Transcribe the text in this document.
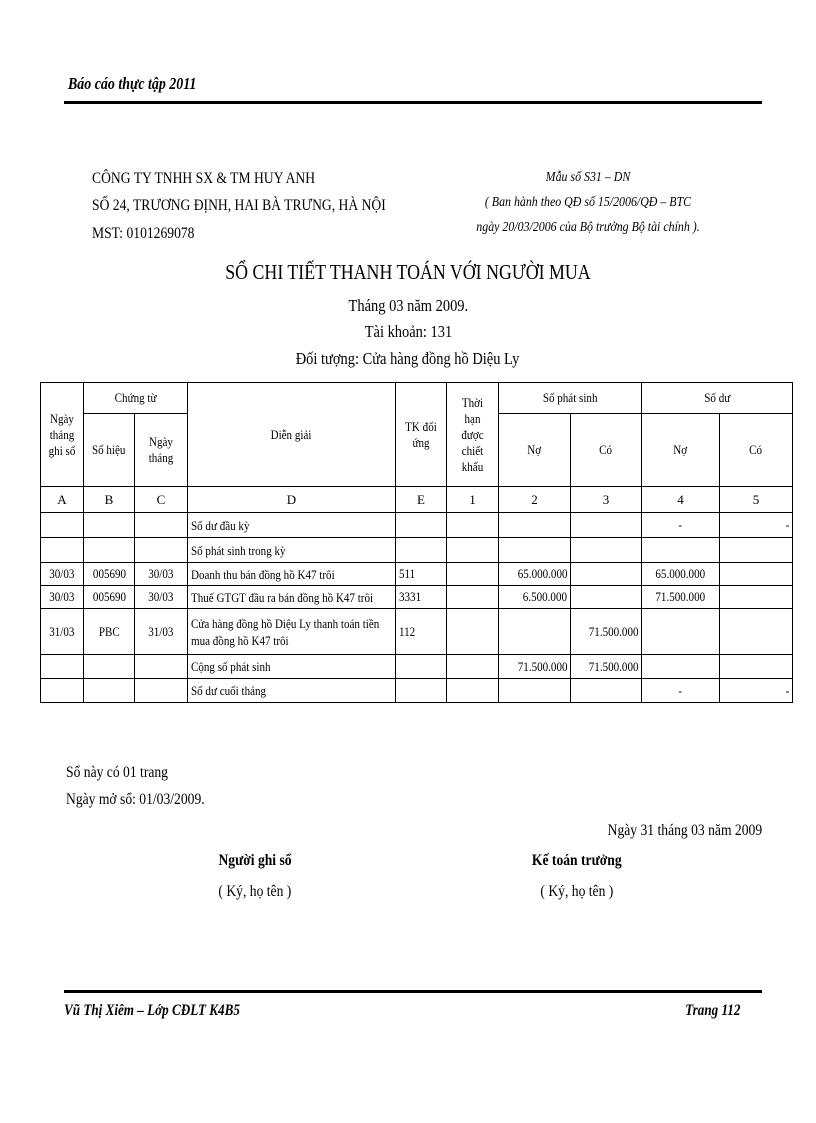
Báo cáo thực tập 2011
CÔNG TY TNHH SX & TM HUY ANH
SỐ 24, TRƯƠNG ĐỊNH, HAI BÀ TRƯNG, HÀ NỘI
MST: 0101269078
Mẫu số S31 – DN
( Ban hành theo QĐ số 15/2006/QĐ – BTC
ngày 20/03/2006 của Bộ trưởng Bộ tài chính ).
SỔ CHI TIẾT THANH TOÁN VỚI NGƯỜI MUA
Tháng 03 năm 2009.
Tài khoản: 131
Đối tượng: Cửa hàng đồng hồ Diệu Ly
Ngày tháng ghi sổ	Chứng từ		Diễn giải	TK đối ứng	Thời hạn được chiết khấu	Số phát sinh		Số dư	
	Số hiệu	Ngày tháng				Nợ	Có	Nợ	Có
A	B	C	D	E	1	2	3	4	5
			Số dư đầu kỳ					-	-
			Số phát sinh trong kỳ						
30/03	005690	30/03	Doanh thu bán đồng hồ K47 trôi	511		65.000.000		65.000.000	
30/03	005690	30/03	Thuế GTGT đầu ra bán đồng hồ K47 trôi	3331		6.500.000		71.500.000	
31/03	PBC	31/03	Cửa hàng đồng hồ Diệu Ly thanh toán tiền mua đồng hồ K47 trôi	112			71.500.000		
			Cộng số phát sinh			71.500.000	71.500.000		
			Số dư cuối tháng					-	-
Sổ này có 01 trang
Ngày mở sổ: 01/03/2009.
Ngày 31 tháng 03 năm 2009
Người ghi sổ
( Ký, họ tên )
Kế toán trưởng
( Ký, họ tên )
Vũ Thị Xiêm – Lớp CĐLT K4B5	Trang 112
